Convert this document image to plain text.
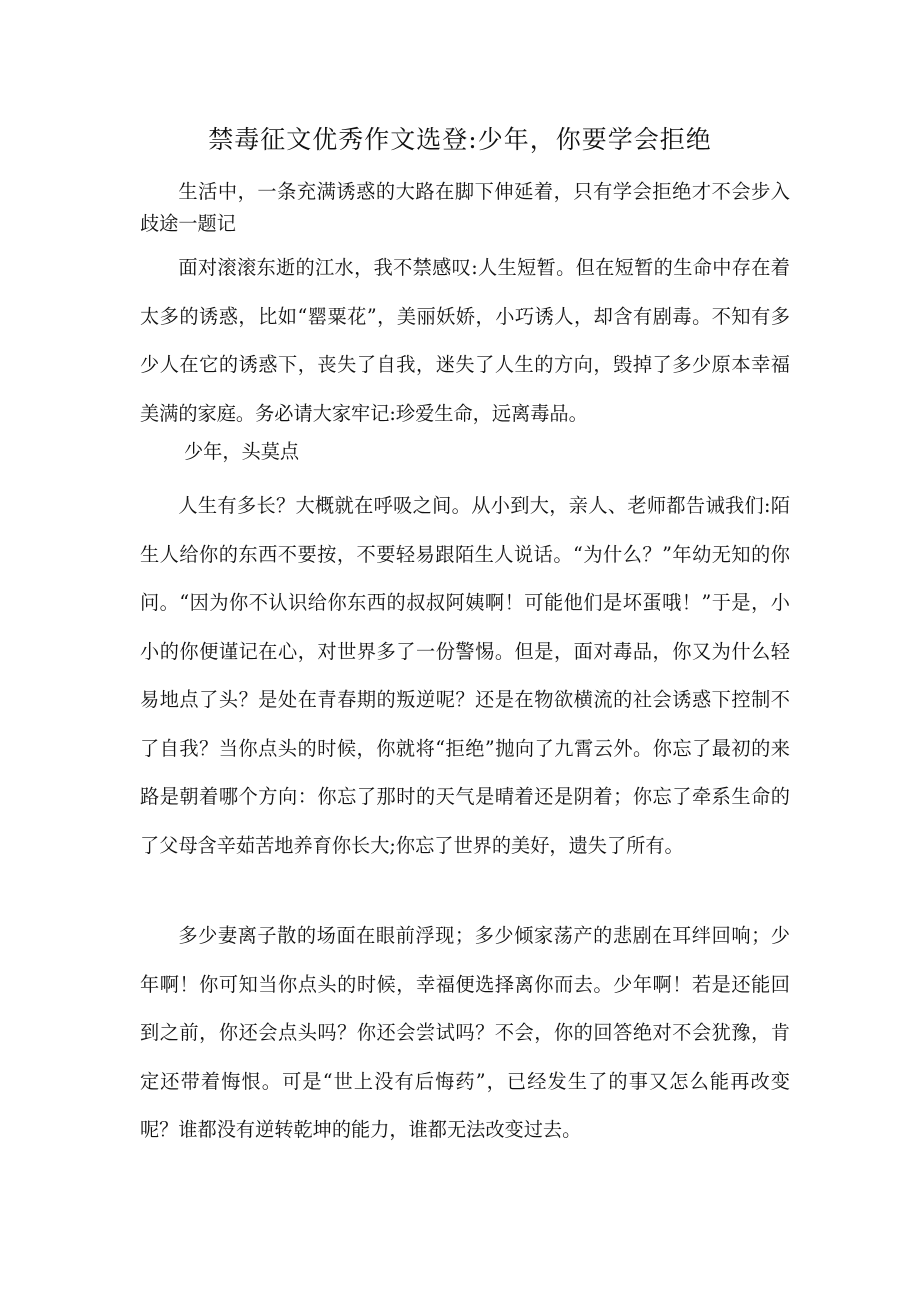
禁毒征文优秀作文选登:少年，你要学会拒绝

生活中，一条充满诱惑的大路在脚下伸延着，只有学会拒绝才不会步入歧途一题记

面对滚滚东逝的江水，我不禁感叹:人生短暂。但在短暂的生命中存在着太多的诱惑，比如“罂粟花”，美丽妖娇，小巧诱人，却含有剧毒。不知有多少人在它的诱惑下，丧失了自我，迷失了人生的方向，毁掉了多少原本幸福美满的家庭。务必请大家牢记:珍爱生命，远离毒品。

少年，头莫点

人生有多长？大概就在呼吸之间。从小到大，亲人、老师都告诫我们:陌生人给你的东西不要按，不要轻易跟陌生人说话。“为什么？”年幼无知的你问。“因为你不认识给你东西的叔叔阿姨啊！可能他们是坏蛋哦！”于是，小小的你便谨记在心，对世界多了一份警惕。但是，面对毒品，你又为什么轻易地点了头？是处在青春期的叛逆呢？还是在物欲横流的社会诱惑下控制不了自我？当你点头的时候，你就将“拒绝”抛向了九霄云外。你忘了最初的来路是朝着哪个方向：你忘了那时的天气是晴着还是阴着；你忘了牵系生命的了父母含辛茹苦地养育你长大;你忘了世界的美好，遗失了所有。

多少妻离子散的场面在眼前浮现；多少倾家荡产的悲剧在耳绊回响；少年啊！你可知当你点头的时候，幸福便选择离你而去。少年啊！若是还能回到之前，你还会点头吗？你还会尝试吗？不会，你的回答绝对不会犹豫，肯定还带着悔恨。可是“世上没有后悔药”，已经发生了的事又怎么能再改变呢？谁都没有逆转乾坤的能力，谁都无法改变过去。
